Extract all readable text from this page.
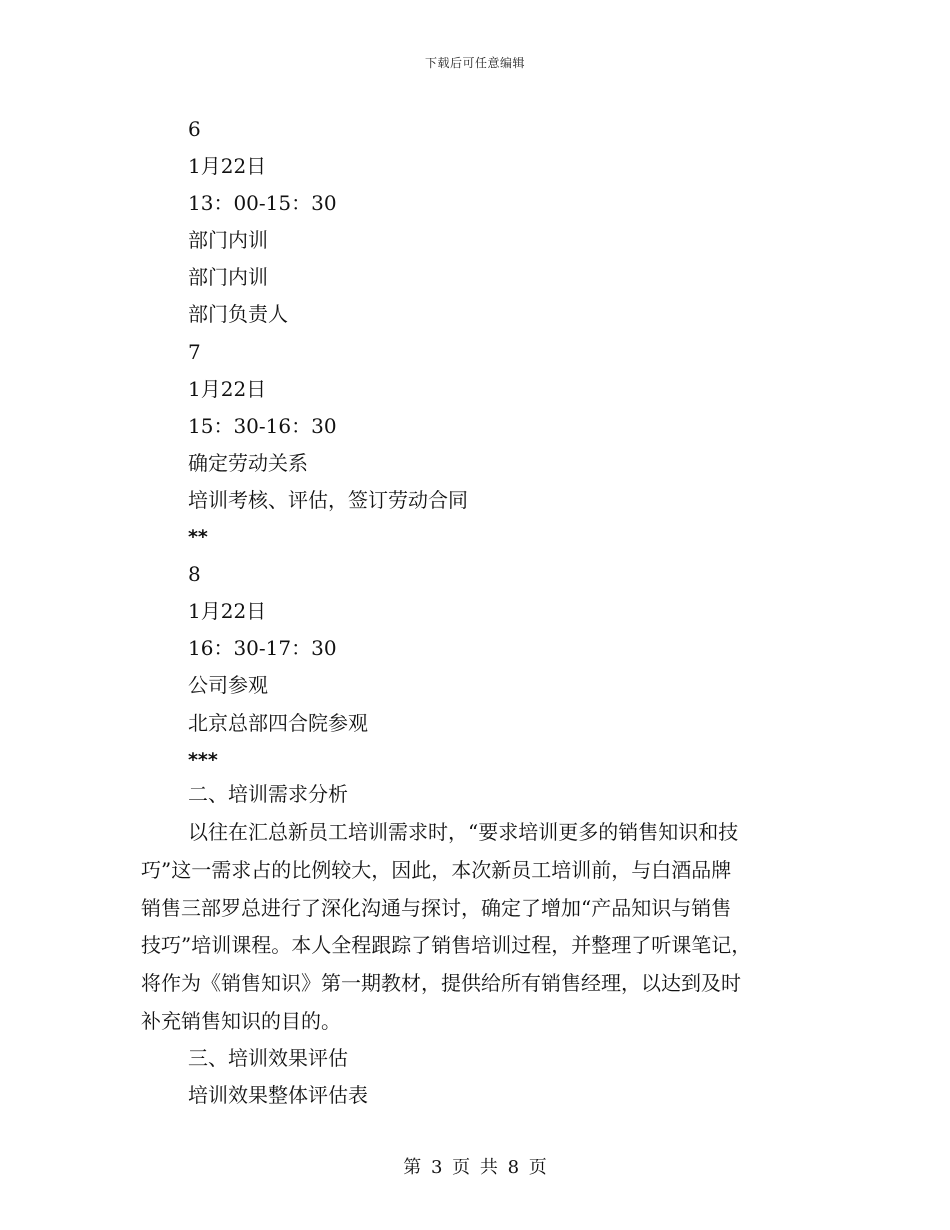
下载后可任意编辑
6
1月22日
13：00-15：30
部门内训
部门内训
部门负责人
7
1月22日
15：30-16：30
确定劳动关系
培训考核、评估，签订劳动合同
**
8
1月22日
16：30-17：30
公司参观
北京总部四合院参观
***
二、培训需求分析
以往在汇总新员工培训需求时，“要求培训更多的销售知识和技
巧”这一需求占的比例较大，因此，本次新员工培训前，与白酒品牌
销售三部罗总进行了深化沟通与探讨，确定了增加“产品知识与销售
技巧”培训课程。本人全程跟踪了销售培训过程，并整理了听课笔记，
将作为《销售知识》第一期教材，提供给所有销售经理，以达到及时
补充销售知识的目的。
三、培训效果评估
培训效果整体评估表
第 3 页 共 8 页
